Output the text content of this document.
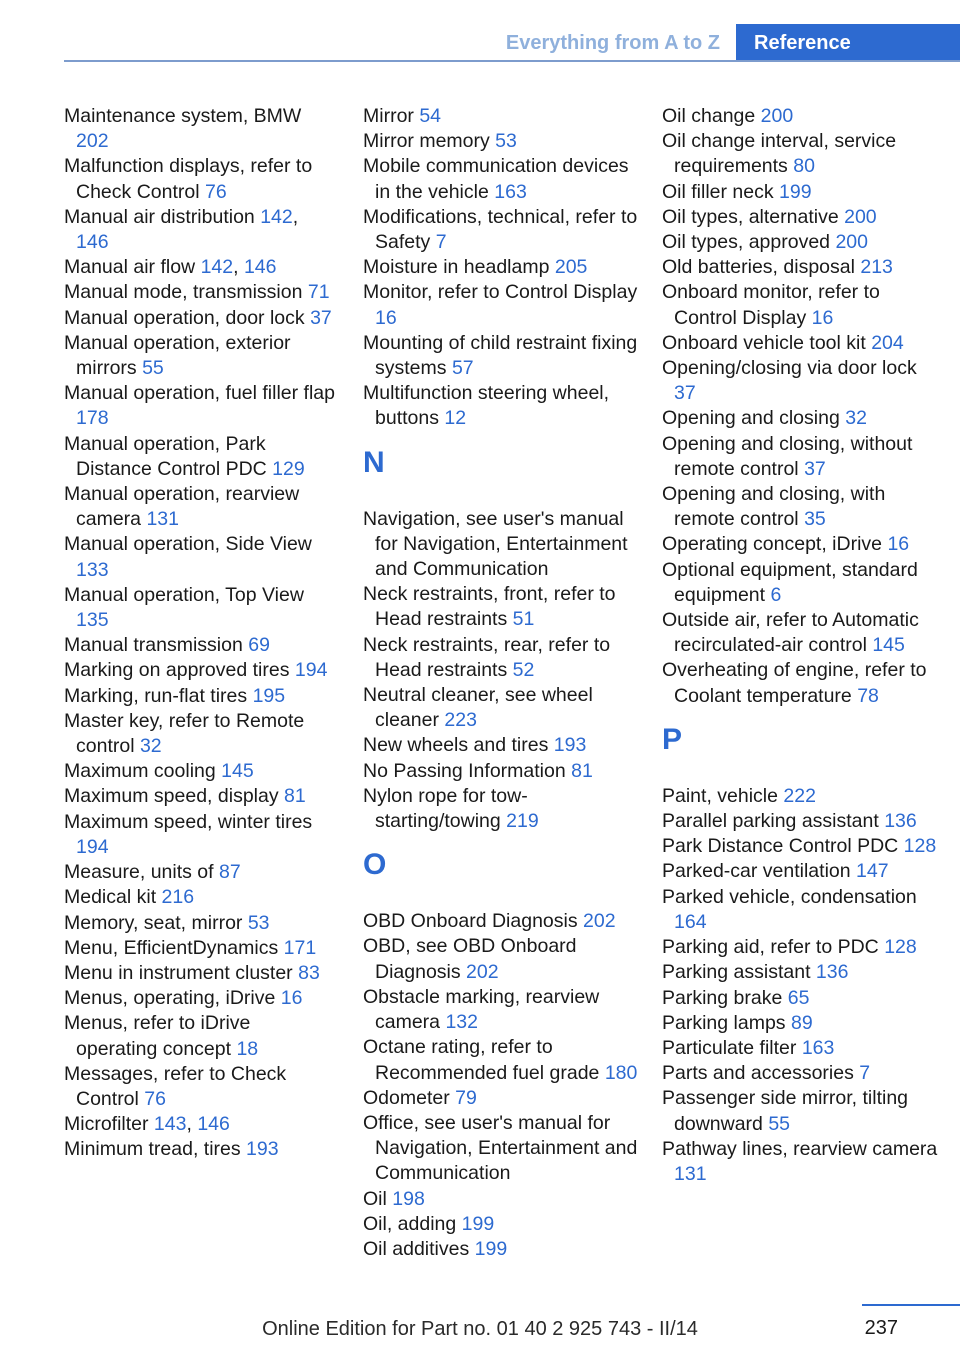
Everything from A to Z	Reference
Maintenance system, BMW 202
Malfunction displays, refer to Check Control 76
Manual air distribution 142, 146
Manual air flow 142, 146
Manual mode, transmission 71
Manual operation, door lock 37
Manual operation, exterior mirrors 55
Manual operation, fuel filler flap 178
Manual operation, Park Distance Control PDC 129
Manual operation, rearview camera 131
Manual operation, Side View 133
Manual operation, Top View 135
Manual transmission 69
Marking on approved tires 194
Marking, run-flat tires 195
Master key, refer to Remote control 32
Maximum cooling 145
Maximum speed, display 81
Maximum speed, winter tires 194
Measure, units of 87
Medical kit 216
Memory, seat, mirror 53
Menu, EfficientDynamics 171
Menu in instrument cluster 83
Menus, operating, iDrive 16
Menus, refer to iDrive operating concept 18
Messages, refer to Check Control 76
Microfilter 143, 146
Minimum tread, tires 193
Mirror 54
Mirror memory 53
Mobile communication devices in the vehicle 163
Modifications, technical, refer to Safety 7
Moisture in headlamp 205
Monitor, refer to Control Display 16
Mounting of child restraint fixing systems 57
Multifunction steering wheel, buttons 12
N
Navigation, see user's manual for Navigation, Entertainment and Communication
Neck restraints, front, refer to Head restraints 51
Neck restraints, rear, refer to Head restraints 52
Neutral cleaner, see wheel cleaner 223
New wheels and tires 193
No Passing Information 81
Nylon rope for tow-starting/towing 219
O
OBD Onboard Diagnosis 202
OBD, see OBD Onboard Diagnosis 202
Obstacle marking, rearview camera 132
Octane rating, refer to Recommended fuel grade 180
Odometer 79
Office, see user's manual for Navigation, Entertainment and Communication
Oil 198
Oil, adding 199
Oil additives 199
Oil change 200
Oil change interval, service requirements 80
Oil filler neck 199
Oil types, alternative 200
Oil types, approved 200
Old batteries, disposal 213
Onboard monitor, refer to Control Display 16
Onboard vehicle tool kit 204
Opening/closing via door lock 37
Opening and closing 32
Opening and closing, without remote control 37
Opening and closing, with remote control 35
Operating concept, iDrive 16
Optional equipment, standard equipment 6
Outside air, refer to Automatic recirculated-air control 145
Overheating of engine, refer to Coolant temperature 78
P
Paint, vehicle 222
Parallel parking assistant 136
Park Distance Control PDC 128
Parked-car ventilation 147
Parked vehicle, condensation 164
Parking aid, refer to PDC 128
Parking assistant 136
Parking brake 65
Parking lamps 89
Particulate filter 163
Parts and accessories 7
Passenger side mirror, tilting downward 55
Pathway lines, rearview camera 131
237
Online Edition for Part no. 01 40 2 925 743 - II/14
